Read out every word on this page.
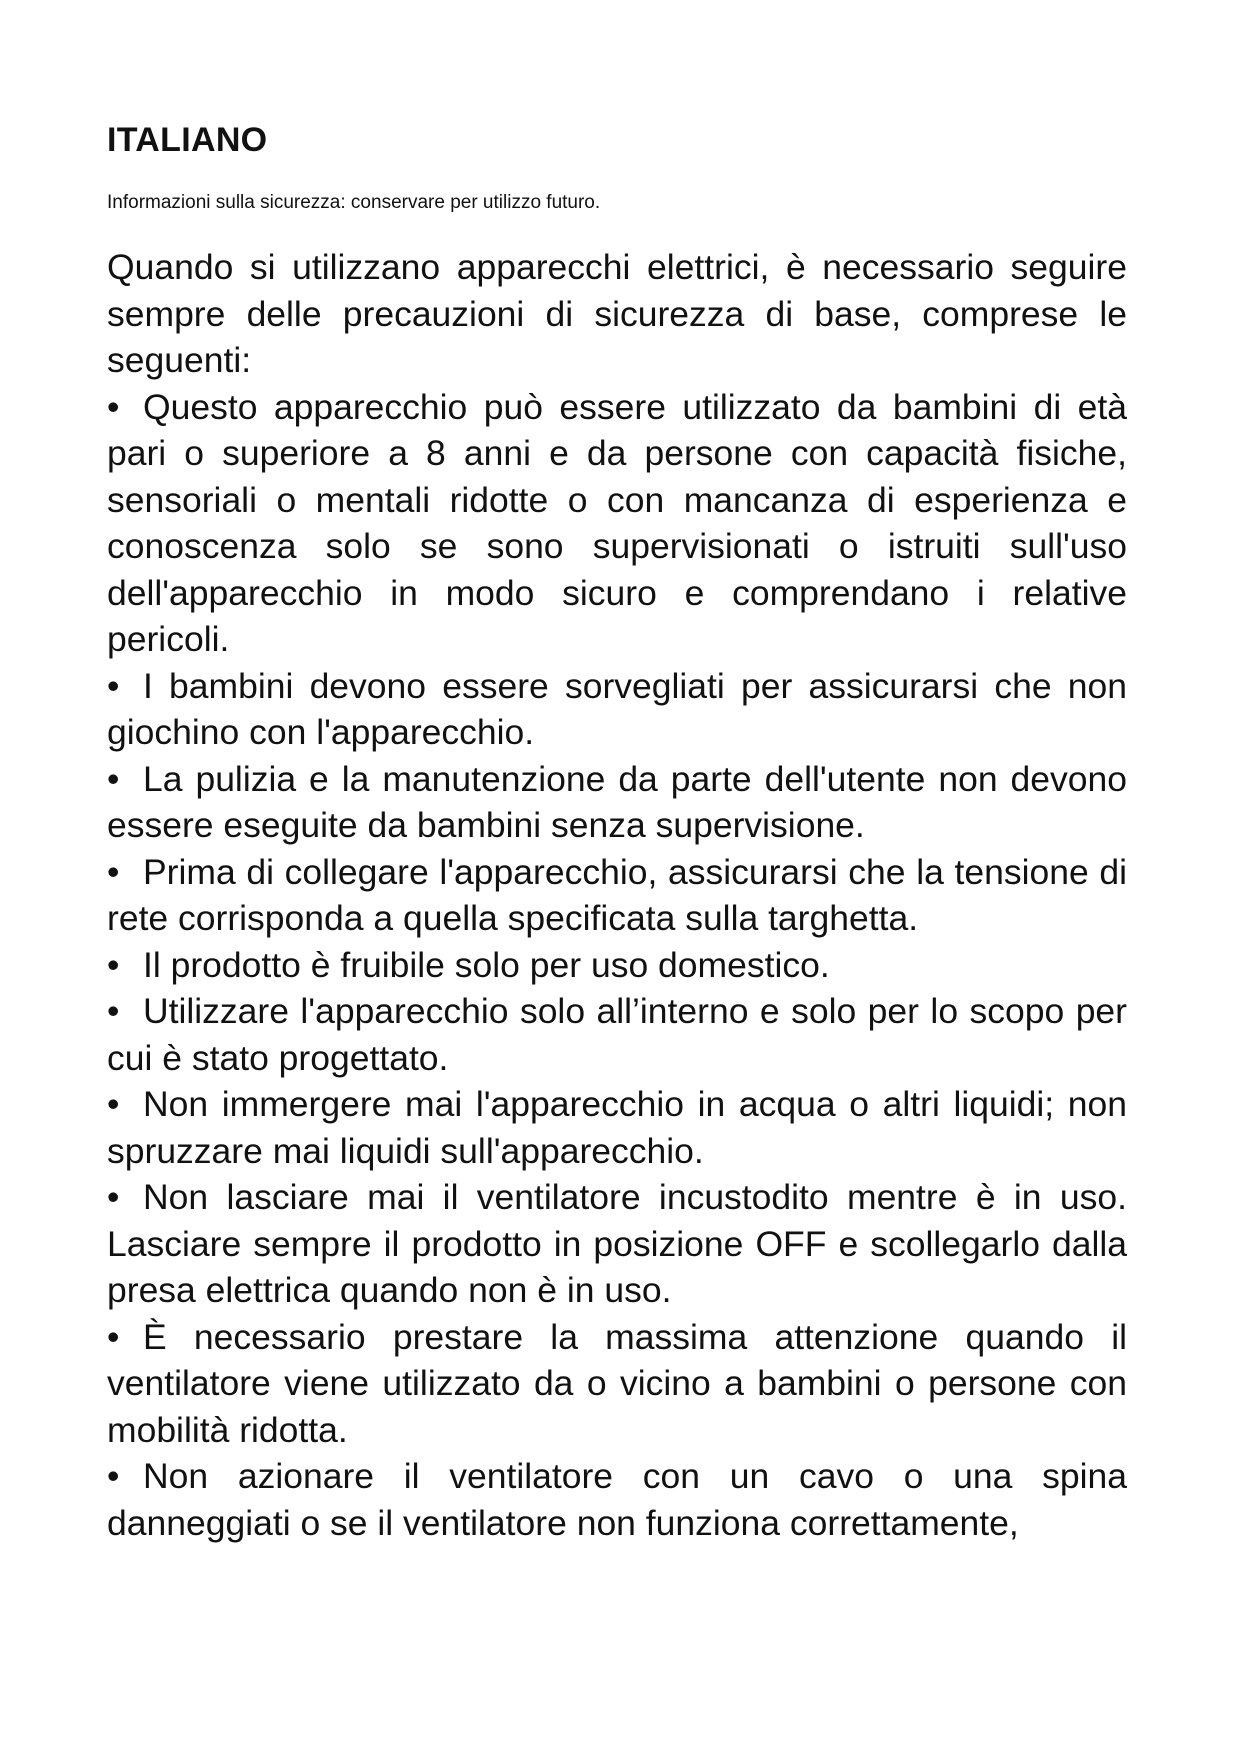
ITALIANO

Informazioni sulla sicurezza: conservare per utilizzo futuro.

Quando si utilizzano apparecchi elettrici, è necessario seguire sempre delle precauzioni di sicurezza di base, comprese le seguenti:

• Questo apparecchio può essere utilizzato da bambini di età pari o superiore a 8 anni e da persone con capacità fisiche, sensoriali o mentali ridotte o con mancanza di esperienza e conoscenza solo se sono supervisionati o istruiti sull'uso dell'apparecchio in modo sicuro e comprendano i relative pericoli.

• I bambini devono essere sorvegliati per assicurarsi che non giochino con l'apparecchio.

• La pulizia e la manutenzione da parte dell'utente non devono essere eseguite da bambini senza supervisione.

• Prima di collegare l'apparecchio, assicurarsi che la tensione di rete corrisponda a quella specificata sulla targhetta.

• Il prodotto è fruibile solo per uso domestico.

• Utilizzare l'apparecchio solo all’interno e solo per lo scopo per cui è stato progettato.

• Non immergere mai l'apparecchio in acqua o altri liquidi; non spruzzare mai liquidi sull'apparecchio.

• Non lasciare mai il ventilatore incustodito mentre è in uso. Lasciare sempre il prodotto in posizione OFF e scollegarlo dalla presa elettrica quando non è in uso.

• È necessario prestare la massima attenzione quando il ventilatore viene utilizzato da o vicino a bambini o persone con mobilità ridotta.

• Non azionare il ventilatore con un cavo o una spina danneggiati o se il ventilatore non funziona correttamente,
